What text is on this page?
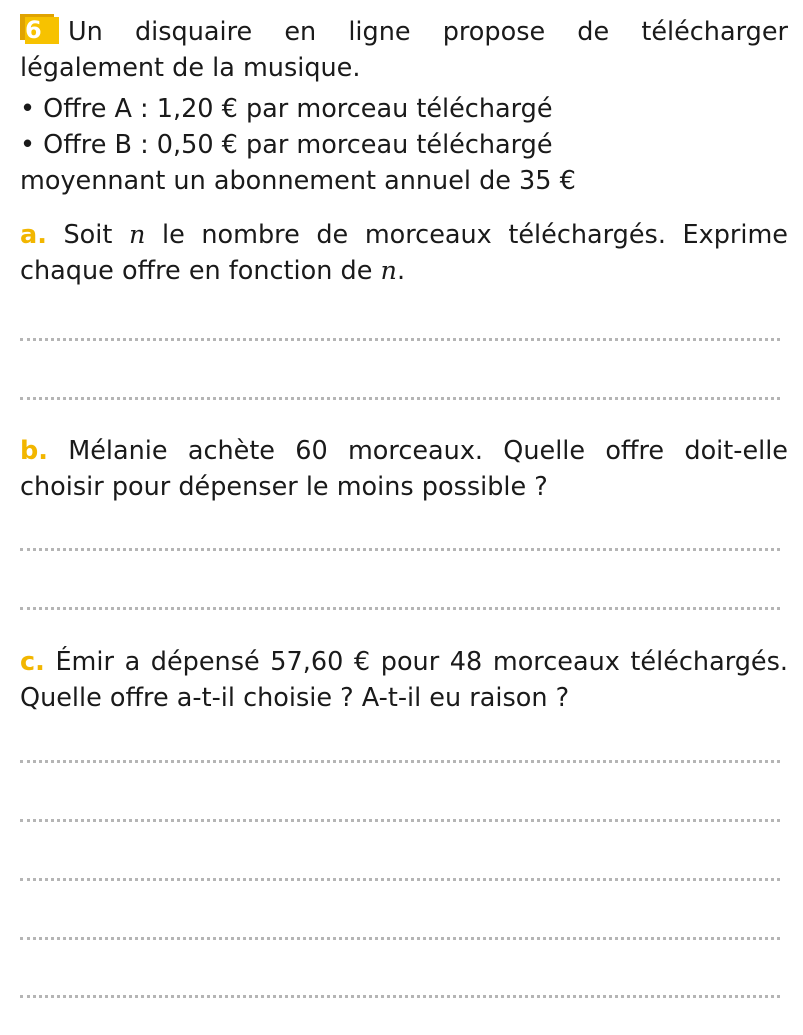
6	Un disquaire en ligne propose de télécharger légalement de la musique.

• Offre A : 1,20 € par morceau téléchargé
• Offre B : 0,50 € par morceau téléchargé
moyennant un abonnement annuel de 35 €

a. Soit n le nombre de morceaux téléchargés. Exprime chaque offre en fonction de n.

b. Mélanie achète 60 morceaux. Quelle offre doit-elle choisir pour dépenser le moins possible ?

c. Émir a dépensé 57,60 € pour 48 morceaux téléchargés. Quelle offre a-t-il choisie ? A-t-il eu raison ?
